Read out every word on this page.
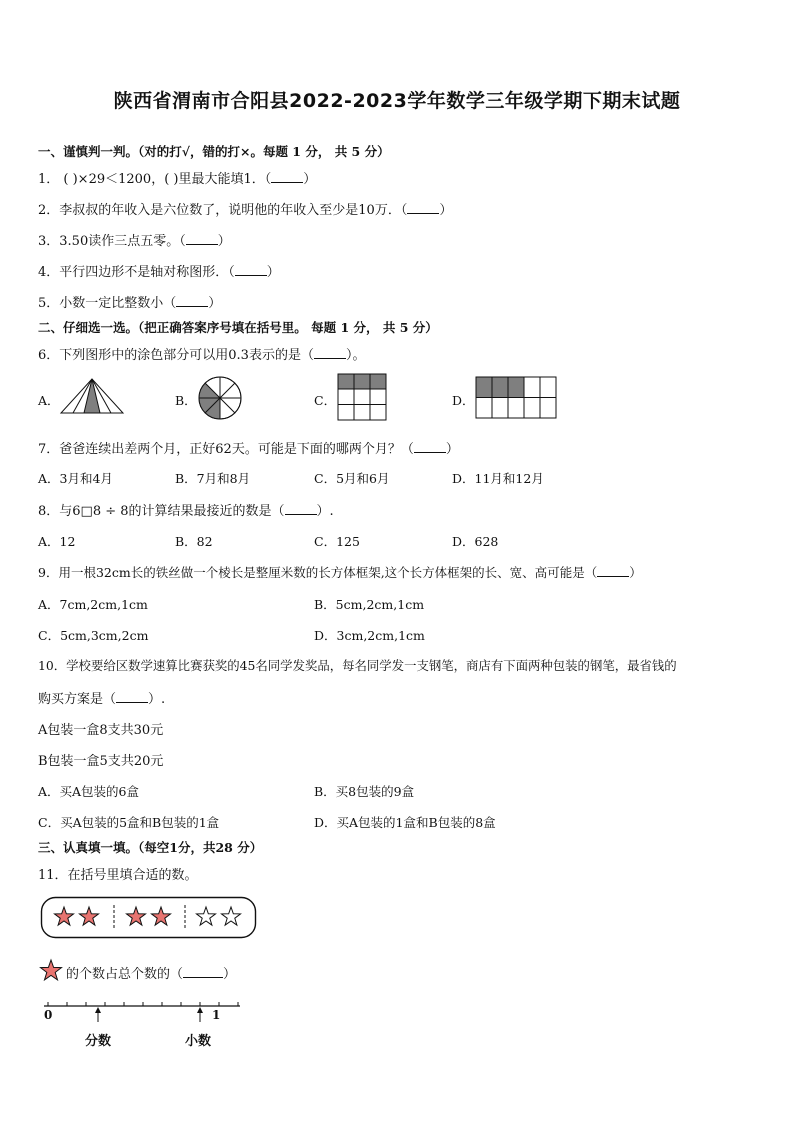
陕西省渭南市合阳县2022-2023学年数学三年级学期下期末试题
一、谨慎判一判。（对的打√，错的打×。每题 1 分， 共 5 分）
1． ( )×29＜1200，( )里最大能填1．（ ）
2．李叔叔的年收入是六位数了，说明他的年收入至少是10万．（ ）
3．3.50读作三点五零。（ ）
4．平行四边形不是轴对称图形．（ ）
5．小数一定比整数小（ ）
二、仔细选一选。（把正确答案序号填在括号里。 每题 1 分， 共 5 分）
6．下列图形中的涂色部分可以用0.3表示的是（ ）。
A．	B．	C．	D．
7．爸爸连续出差两个月，正好62天。可能是下面的哪两个月？（ ）
A．3月和4月	B．7月和8月	C．5月和6月	D．11月和12月
8．与6□8 ÷ 8的计算结果最接近的数是（ ）.
A．12	B．82	C．125	D．628
9．用一根32cm长的铁丝做一个棱长是整厘米数的长方体框架,这个长方体框架的长、宽、高可能是（	）
A．7cm,2cm,1cm	B．5cm,2cm,1cm
C．5cm,3cm,2cm	D．3cm,2cm,1cm
10．学校要给区数学速算比赛获奖的45名同学发奖品，每名同学发一支钢笔，商店有下面两种包装的钢笔，最省钱的
购买方案是（ ）.
A包装一盒8支共30元
B包装一盒5支共20元
A．买A包装的6盒	B．买8包装的9盒
C．买A包装的5盒和B包装的1盒	D．买A包装的1盒和B包装的8盒
三、认真填一填。（每空1分，共28 分）
11．在括号里填合适的数。
的个数占总个数的（	）
0	1
分数	小数
